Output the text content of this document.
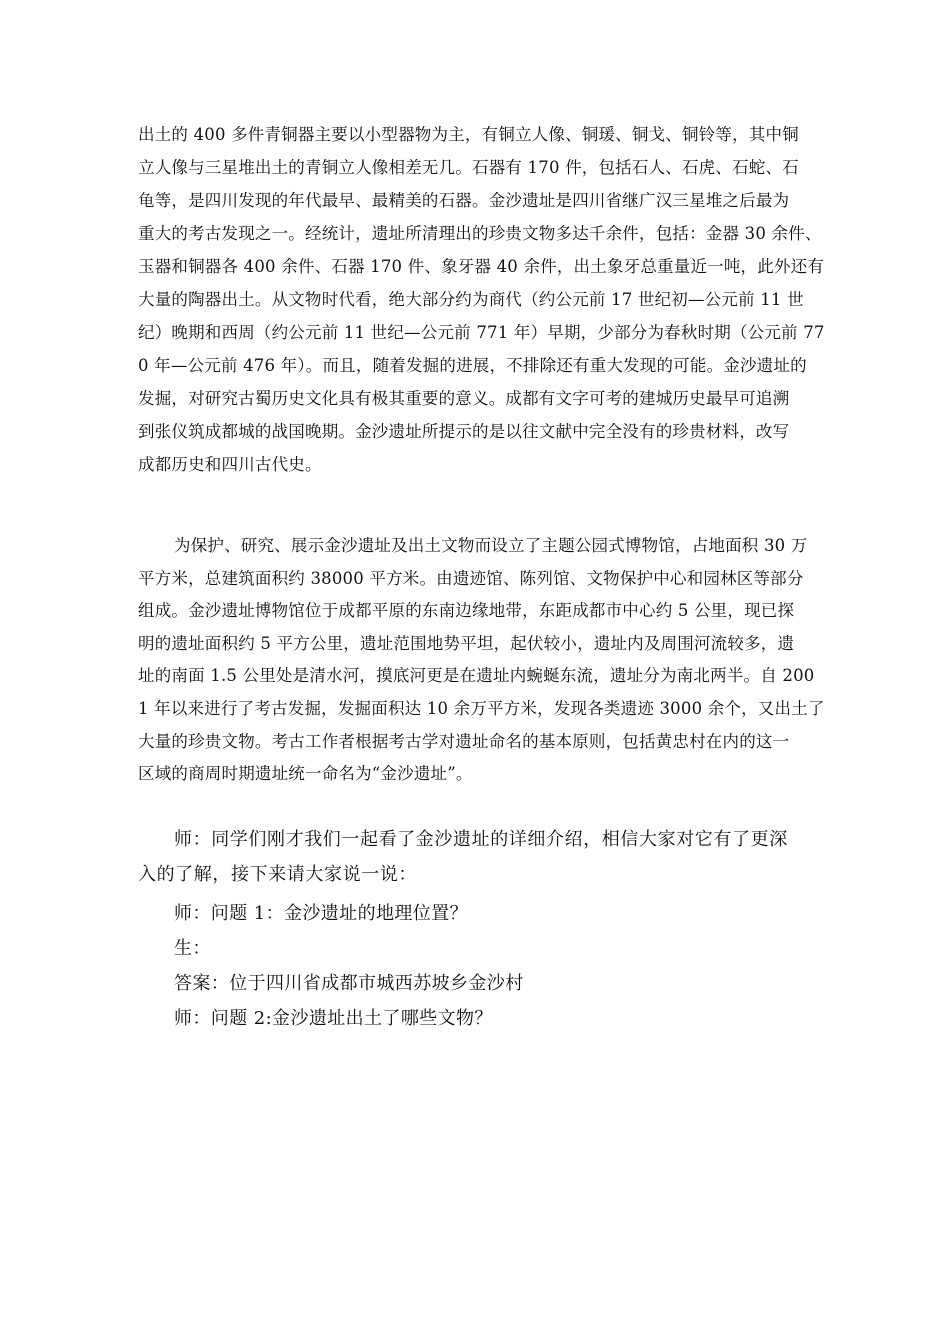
出土的 400 多件青铜器主要以小型器物为主，有铜立人像、铜瑗、铜戈、铜铃等，其中铜
立人像与三星堆出土的青铜立人像相差无几。石器有 170 件，包括石人、石虎、石蛇、石
龟等，是四川发现的年代最早、最精美的石器。金沙遗址是四川省继广汉三星堆之后最为
重大的考古发现之一。经统计，遗址所清理出的珍贵文物多达千余件，包括：金器 30 余件、
玉器和铜器各 400 余件、石器 170 件、象牙器 40 余件，出土象牙总重量近一吨，此外还有
大量的陶器出土。从文物时代看，绝大部分约为商代（约公元前 17 世纪初—公元前 11 世
纪）晚期和西周（约公元前 11 世纪—公元前 771 年）早期，少部分为春秋时期（公元前 77
0 年—公元前 476 年）。而且，随着发掘的进展，不排除还有重大发现的可能。金沙遗址的
发掘，对研究古蜀历史文化具有极其重要的意义。成都有文字可考的建城历史最早可追溯
到张仪筑成都城的战国晚期。金沙遗址所提示的是以往文献中完全没有的珍贵材料，改写
成都历史和四川古代史。
为保护、研究、展示金沙遗址及出土文物而设立了主题公园式博物馆，占地面积 30 万
平方米，总建筑面积约 38000 平方米。由遗迹馆、陈列馆、文物保护中心和园林区等部分
组成。金沙遗址博物馆位于成都平原的东南边缘地带，东距成都市中心约 5 公里，现已探
明的遗址面积约 5 平方公里，遗址范围地势平坦，起伏较小，遗址内及周围河流较多，遗
址的南面 1.5 公里处是清水河，摸底河更是在遗址内蜿蜒东流，遗址分为南北两半。自 200
1 年以来进行了考古发掘，发掘面积达 10 余万平方米，发现各类遗迹 3000 余个，又出土了
大量的珍贵文物。考古工作者根据考古学对遗址命名的基本原则，包括黄忠村在内的这一
区域的商周时期遗址统一命名为“金沙遗址”。
师：同学们刚才我们一起看了金沙遗址的详细介绍，相信大家对它有了更深
入的了解，接下来请大家说一说：
师：问题 1：金沙遗址的地理位置？
生：
答案：位于四川省成都市城西苏坡乡金沙村
师：问题 2:金沙遗址出土了哪些文物？
